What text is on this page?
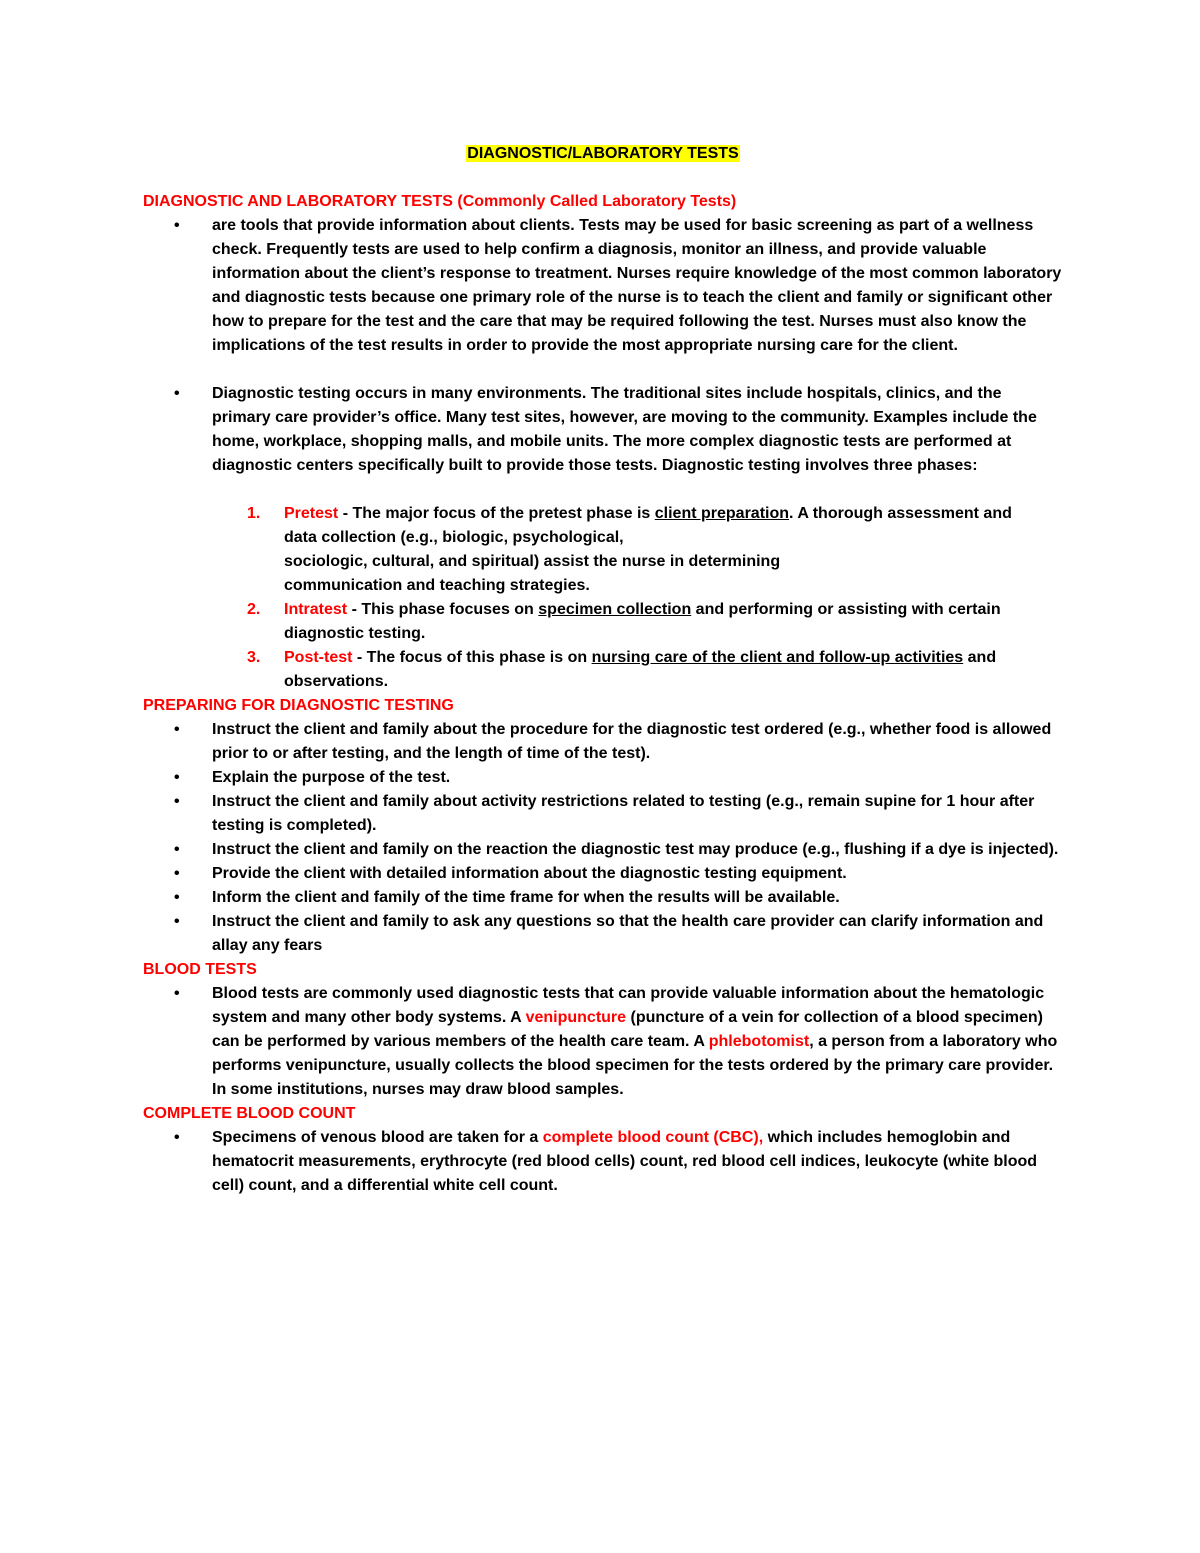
DIAGNOSTIC/LABORATORY TESTS
DIAGNOSTIC AND LABORATORY TESTS (Commonly Called Laboratory Tests)
• are tools that provide information about clients. Tests may be used for basic screening as part of a wellness check. Frequently tests are used to help confirm a diagnosis, monitor an illness, and provide valuable information about the client’s response to treatment. Nurses require knowledge of the most common laboratory and diagnostic tests because one primary role of the nurse is to teach the client and family or significant other how to prepare for the test and the care that may be required following the test. Nurses must also know the implications of the test results in order to provide the most appropriate nursing care for the client.
• Diagnostic testing occurs in many environments. The traditional sites include hospitals, clinics, and the primary care provider’s office. Many test sites, however, are moving to the community. Examples include the home, workplace, shopping malls, and mobile units. The more complex diagnostic tests are performed at diagnostic centers specifically built to provide those tests. Diagnostic testing involves three phases:
1. Pretest - The major focus of the pretest phase is client preparation. A thorough assessment and
data collection (e.g., biologic, psychological,
sociologic, cultural, and spiritual) assist the nurse in determining
communication and teaching strategies.
2. Intratest - This phase focuses on specimen collection and performing or assisting with certain diagnostic testing.
3. Post-test - The focus of this phase is on nursing care of the client and follow-up activities and observations.
PREPARING FOR DIAGNOSTIC TESTING
• Instruct the client and family about the procedure for the diagnostic test ordered (e.g., whether food is allowed prior to or after testing, and the length of time of the test).
• Explain the purpose of the test.
• Instruct the client and family about activity restrictions related to testing (e.g., remain supine for 1 hour after testing is completed).
• Instruct the client and family on the reaction the diagnostic test may produce (e.g., flushing if a dye is injected).
• Provide the client with detailed information about the diagnostic testing equipment.
• Inform the client and family of the time frame for when the results will be available.
• Instruct the client and family to ask any questions so that the health care provider can clarify information and allay any fears
BLOOD TESTS
• Blood tests are commonly used diagnostic tests that can provide valuable information about the hematologic system and many other body systems. A venipuncture (puncture of a vein for collection of a blood specimen) can be performed by various members of the health care team. A phlebotomist, a person from a laboratory who performs venipuncture, usually collects the blood specimen for the tests ordered by the primary care provider. In some institutions, nurses may draw blood samples.
COMPLETE BLOOD COUNT
• Specimens of venous blood are taken for a complete blood count (CBC), which includes hemoglobin and hematocrit measurements, erythrocyte (red blood cells) count, red blood cell indices, leukocyte (white blood cell) count, and a differential white cell count.
